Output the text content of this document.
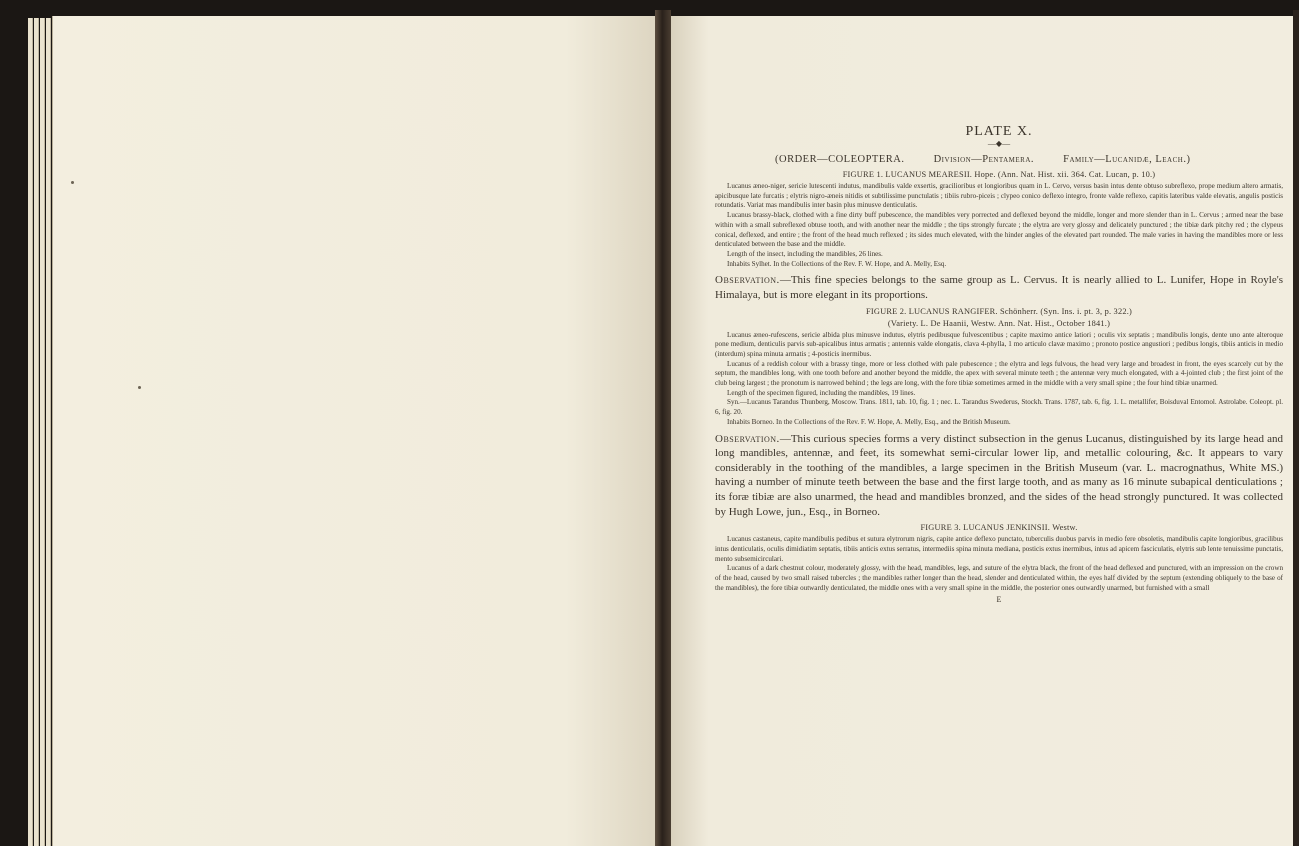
PLATE X.

—◆—

(ORDER—COLEOPTERA.	Division—Pentamera.	Family—Lucanidæ, Leach.)

FIGURE 1. LUCANUS MEARESII. Hope. (Ann. Nat. Hist. xii. 364. Cat. Lucan, p. 10.)

Lucanus æneo-niger, sericie lutescenti indutus, mandibulis valde exsertis, gracilioribus et longioribus quam in L. Cervo, versus basin intus dente obtuso subreflexo, prope medium altero armatis, apicibusque late furcatis ; elytris nigro-æneis nitidis et subtilissime punctulatis ; tibiis rubro-piceis ; clypeo conico deflexo integro, fronte valde reflexo, capitis lateribus valde elevatis, angulis posticis rotundatis. Variat mas mandibulis inter basin plus minusve denticulatis.

Lucanus brassy-black, clothed with a fine dirty buff pubescence, the mandibles very porrected and deflexed beyond the middle, longer and more slender than in L. Cervus ; armed near the base within with a small subreflexed obtuse tooth, and with another near the middle ; the tips strongly furcate ; the elytra are very glossy and delicately punctured ; the tibiæ dark pitchy red ; the clypeus conical, deflexed, and entire ; the front of the head much reflexed ; its sides much elevated, with the hinder angles of the elevated part rounded. The male varies in having the mandibles more or less denticulated between the base and the middle.

Length of the insect, including the mandibles, 26 lines.

Inhabits Sylhet. In the Collections of the Rev. F. W. Hope, and A. Melly, Esq.

Observation.—This fine species belongs to the same group as L. Cervus. It is nearly allied to L. Lunifer, Hope in Royle's Himalaya, but is more elegant in its proportions.

FIGURE 2. LUCANUS RANGIFER. Schönherr. (Syn. Ins. i. pt. 3, p. 322.)

(Variety. L. De Haanii, Westw. Ann. Nat. Hist., October 1841.)

Lucanus æneo-rufescens, sericie albida plus minusve indutus, elytris pedibusque fulvescentibus ; capite maximo antice latiori ; oculis vix septatis ; mandibulis longis, dente uno ante alteroque pone medium, denticulis parvis sub-apicalibus intus armatis ; antennis valde elongatis, clava 4-phylla, 1 mo articulo clavæ maximo ; pronoto postice angustiori ; pedibus longis, tibiis anticis in medio (interdum) spina minuta armatis ; 4-posticis inermibus.

Lucanus of a reddish colour with a brassy tinge, more or less clothed with pale pubescence ; the elytra and legs fulvous, the head very large and broadest in front, the eyes scarcely cut by the septum, the mandibles long, with one tooth before and another beyond the middle, the apex with several minute teeth ; the antennæ very much elongated, with a 4-jointed club ; the first joint of the club being largest ; the pronotum is narrowed behind ; the legs are long, with the fore tibiæ sometimes armed in the middle with a very small spine ; the four hind tibiæ unarmed.

Length of the specimen figured, including the mandibles, 19 lines.

Syn.—Lucanus Tarandus Thunberg, Moscow. Trans. 1811, tab. 10, fig. 1 ; nec. L. Tarandus Swederus, Stockh. Trans. 1787, tab. 6, fig. 1. L. metallifer, Boisduval Entomol. Astrolabe. Coleopt. pl. 6, fig. 20.

Inhabits Borneo. In the Collections of the Rev. F. W. Hope, A. Melly, Esq., and the British Museum.

Observation.—This curious species forms a very distinct subsection in the genus Lucanus, distinguished by its large head and long mandibles, antennæ, and feet, its somewhat semi-circular lower lip, and metallic colouring, &c. It appears to vary considerably in the toothing of the mandibles, a large specimen in the British Museum (var. L. macrognathus, White MS.) having a number of minute teeth between the base and the first large tooth, and as many as 16 minute subapical denticulations ; its foræ tibiæ are also unarmed, the head and mandibles bronzed, and the sides of the head strongly punctured. It was collected by Hugh Lowe, jun., Esq., in Borneo.

FIGURE 3. LUCANUS JENKINSII. Westw.

Lucanus castaneus, capite mandibulis pedibus et sutura elytrorum nigris, capite antice deflexo punctato, tuberculis duobus parvis in medio fere obsoletis, mandibulis capite longioribus, gracilibus intus denticulatis, oculis dimidiatim septatis, tibiis anticis extus serratus, intermediis spina minuta mediana, posticis extus inermibus, intus ad apicem fasciculatis, elytris sub lente tenuissime punctatis, mento subsemicirculari.

Lucanus of a dark chestnut colour, moderately glossy, with the head, mandibles, legs, and suture of the elytra black, the front of the head deflexed and punctured, with an impression on the crown of the head, caused by two small raised tubercles ; the mandibles rather longer than the head, slender and denticulated within, the eyes half divided by the septum (extending obliquely to the base of the mandibles), the fore tibiæ outwardly denticulated, the middle ones with a very small spine in the middle, the posterior ones outwardly unarmed, but furnished with a small

E
